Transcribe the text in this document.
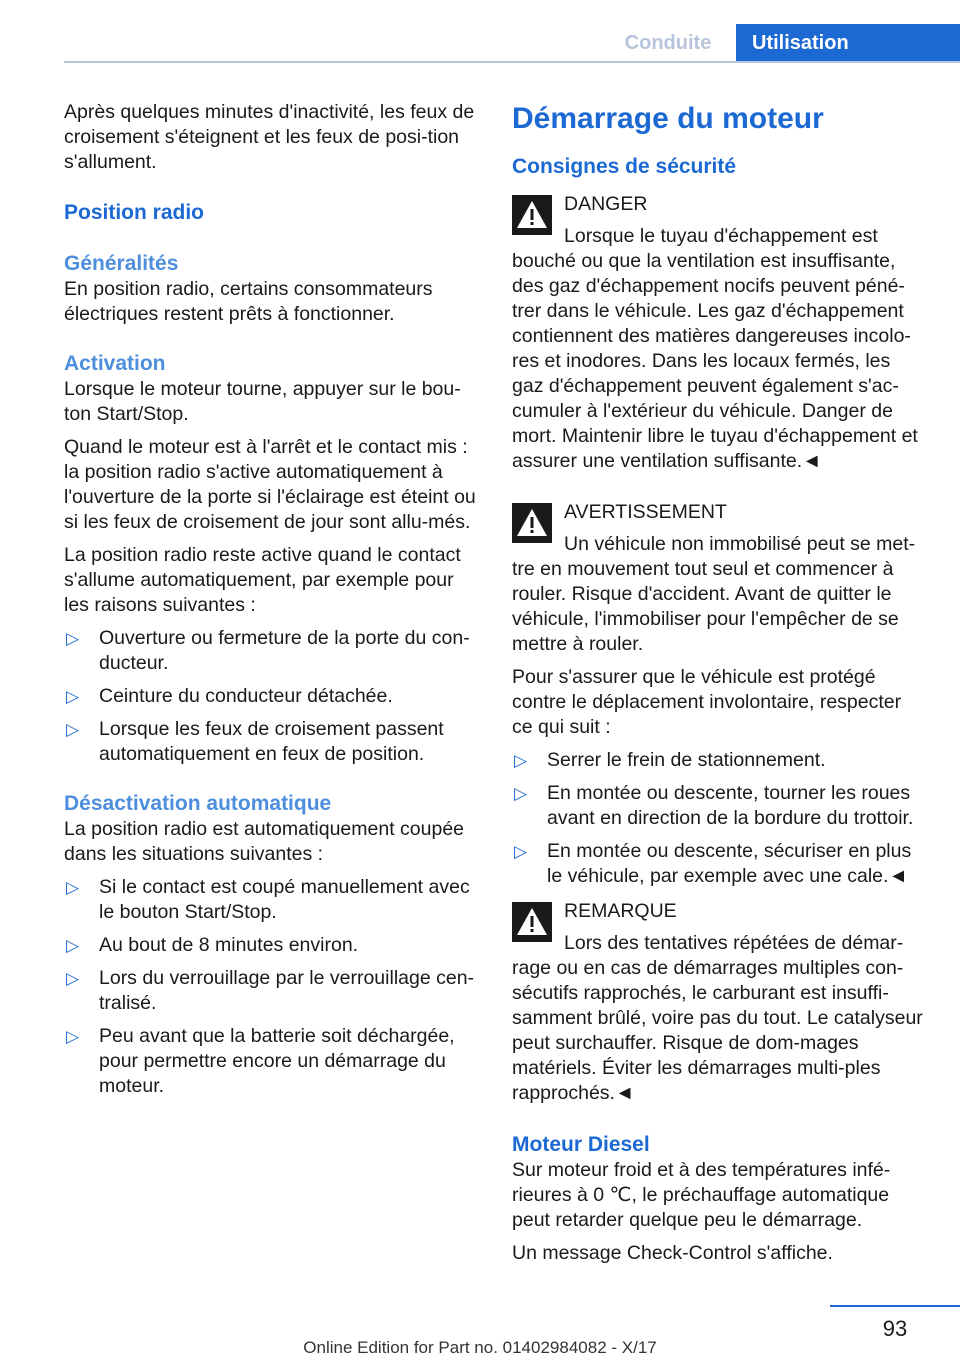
Conduite	Utilisation

Après quelques minutes d'inactivité, les feux de croisement s'éteignent et les feux de posi-tion s'allument.

Position radio
Généralités

En position radio, certains consommateurs électriques restent prêts à fonctionner.

Activation

Lorsque le moteur tourne, appuyer sur le bou-ton Start/Stop.

Quand le moteur est à l'arrêt et le contact mis : la position radio s'active automatiquement à l'ouverture de la porte si l'éclairage est éteint ou si les feux de croisement de jour sont allu-més.

La position radio reste active quand le contact s'allume automatiquement, par exemple pour les raisons suivantes :

▷ Ouverture ou fermeture de la porte du con-ducteur.
▷ Ceinture du conducteur détachée.
▷ Lorsque les feux de croisement passent automatiquement en feux de position.
Désactivation automatique

La position radio est automatiquement coupée dans les situations suivantes :

▷ Si le contact est coupé manuellement avec le bouton Start/Stop.
▷ Au bout de 8 minutes environ.
▷ Lors du verrouillage par le verrouillage cen-tralisé.
▷ Peu avant que la batterie soit déchargée, pour permettre encore un démarrage du moteur.
Démarrage du moteur
Consignes de sécurité

DANGER

Lorsque le tuyau d'échappement est bouché ou que la ventilation est insuffisante, des gaz d'échappement nocifs peuvent péné-trer dans le véhicule. Les gaz d'échappement contiennent des matières dangereuses incolo-res et inodores. Dans les locaux fermés, les gaz d'échappement peuvent également s'ac-cumuler à l'extérieur du véhicule. Danger de mort. Maintenir libre le tuyau d'échappement et assurer une ventilation suffisante.◄

AVERTISSEMENT

Un véhicule non immobilisé peut se met-tre en mouvement tout seul et commencer à rouler. Risque d'accident. Avant de quitter le véhicule, l'immobiliser pour l'empêcher de se mettre à rouler.

Pour s'assurer que le véhicule est protégé contre le déplacement involontaire, respecter ce qui suit :

▷ Serrer le frein de stationnement.
▷ En montée ou descente, tourner les roues avant en direction de la bordure du trottoir.
▷ En montée ou descente, sécuriser en plus le véhicule, par exemple avec une cale.◄

REMARQUE

Lors des tentatives répétées de démar-rage ou en cas de démarrages multiples con-sécutifs rapprochés, le carburant est insuffi-samment brûlé, voire pas du tout. Le catalyseur peut surchauffer. Risque de dom-mages matériels. Éviter les démarrages multi-ples rapprochés.◄

Moteur Diesel

Sur moteur froid et à des températures infé-rieures à 0 ℃, le préchauffage automatique peut retarder quelque peu le démarrage.

Un message Check-Control s'affiche.

93
Online Edition for Part no. 01402984082 - X/17
